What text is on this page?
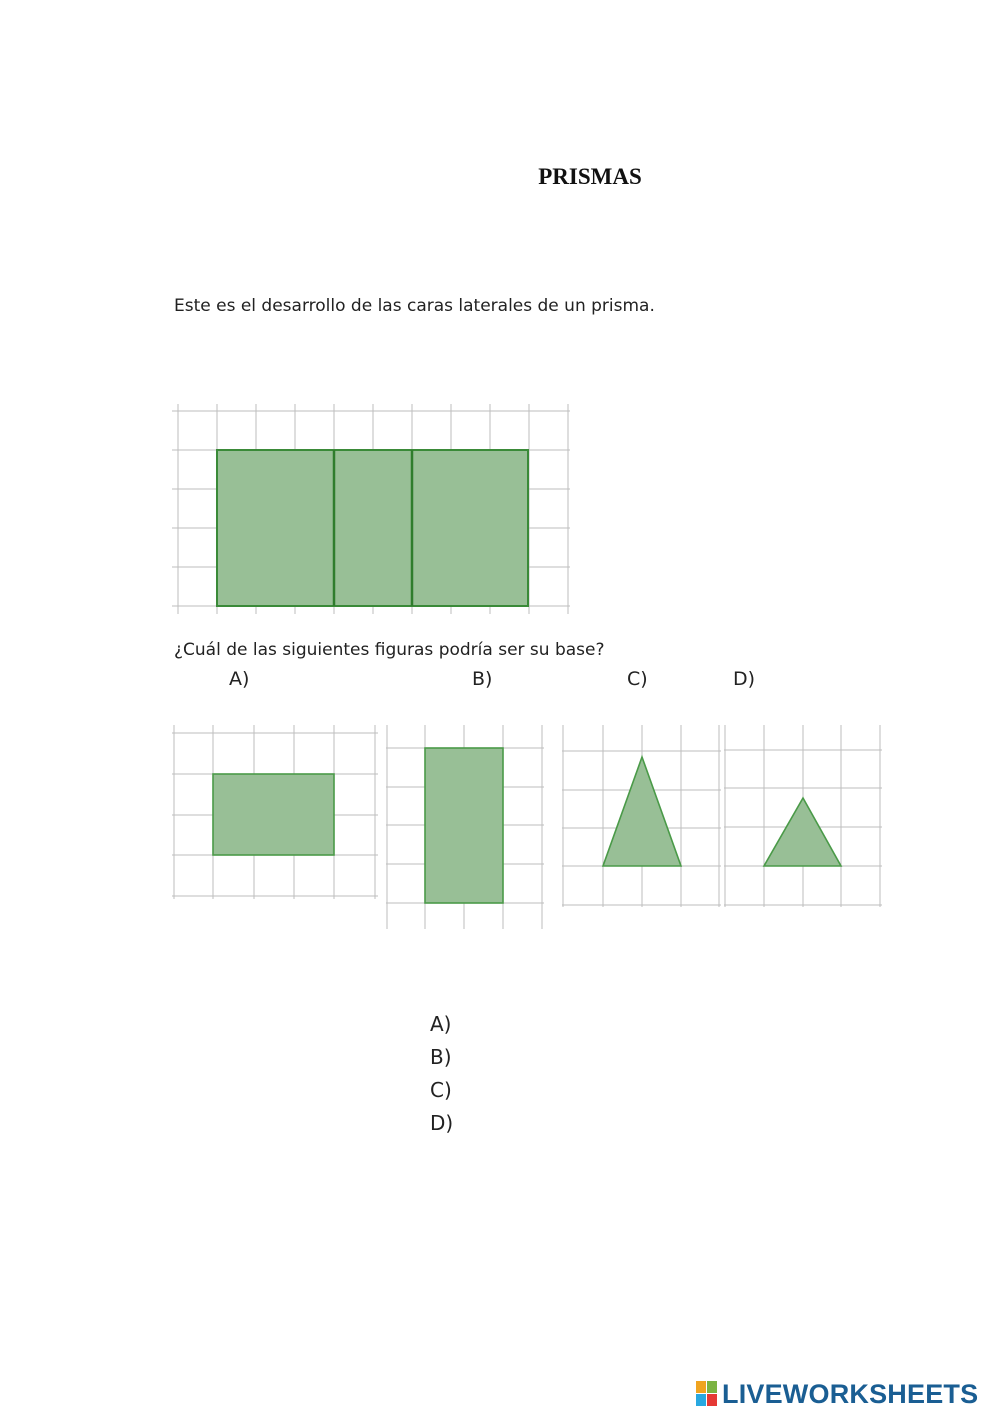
PRISMAS
Este es el desarrollo de las caras laterales de un prisma.
¿Cuál de las siguientes figuras podría ser su base?
A)	B)	C)	D)
A)
B)
C)
D)
LIVEWORKSHEETS
